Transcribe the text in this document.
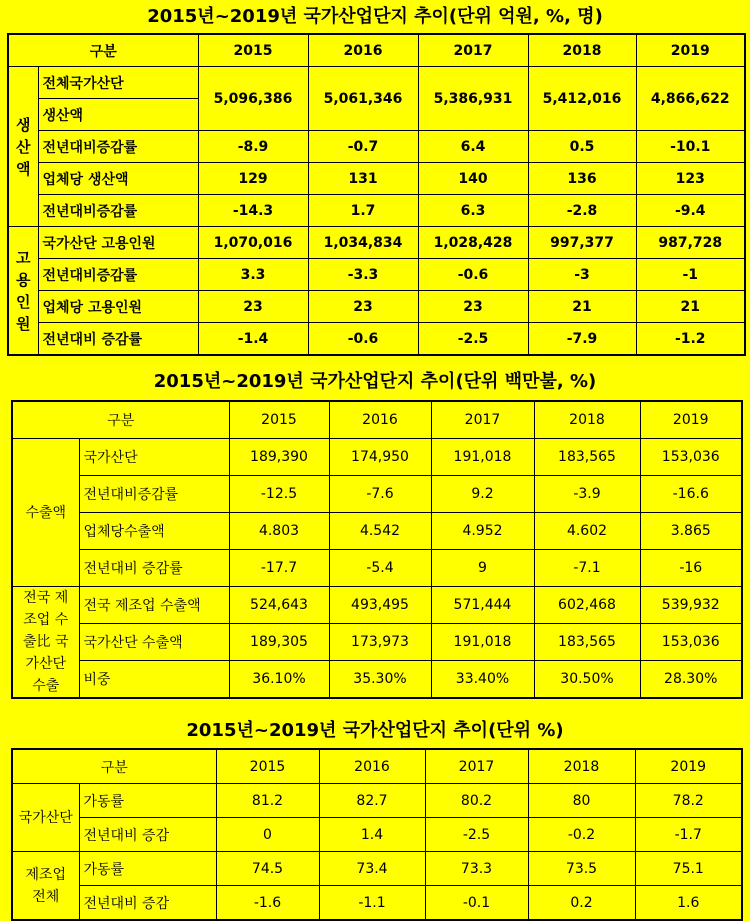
2015년~2019년 국가산업단지 추이(단위 억원, %, 명)
구분		2015	2016	2017	2018	2019
생
산
액	전체국가산단	5,096,386	5,061,346	5,386,931	5,412,016	4,866,622
	생산액					
	전년대비증감률	-8.9	-0.7	6.4	0.5	-10.1
	업체당 생산액	129	131	140	136	123
	전년대비증감률	-14.3	1.7	6.3	-2.8	-9.4
고
용
인
원	국가산단 고용인원	1,070,016	1,034,834	1,028,428	997,377	987,728
	전년대비증감률	3.3	-3.3	-0.6	-3	-1
	업체당 고용인원	23	23	23	21	21
	전년대비 증감률	-1.4	-0.6	-2.5	-7.9	-1.2
2015년~2019년 국가산업단지 추이(단위 백만불, %)
구분		2015	2016	2017	2018	2019
수출액	국가산단	189,390	174,950	191,018	183,565	153,036
	전년대비증감률	-12.5	-7.6	9.2	-3.9	-16.6
	업체당수출액	4.803	4.542	4.952	4.602	3.865
	전년대비 증감률	-17.7	-5.4	9	-7.1	-16
전국 제
조업 수
출比 국
가산단
수출	전국 제조업 수출액	524,643	493,495	571,444	602,468	539,932
	국가산단 수출액	189,305	173,973	191,018	183,565	153,036
	비중	36.10%	35.30%	33.40%	30.50%	28.30%
2015년~2019년 국가산업단지 추이(단위 %)
구분		2015	2016	2017	2018	2019
국가산단	가동률	81.2	82.7	80.2	80	78.2
	전년대비 증감	0	1.4	-2.5	-0.2	-1.7
제조업
전체	가동률	74.5	73.4	73.3	73.5	75.1
	전년대비 증감	-1.6	-1.1	-0.1	0.2	1.6
